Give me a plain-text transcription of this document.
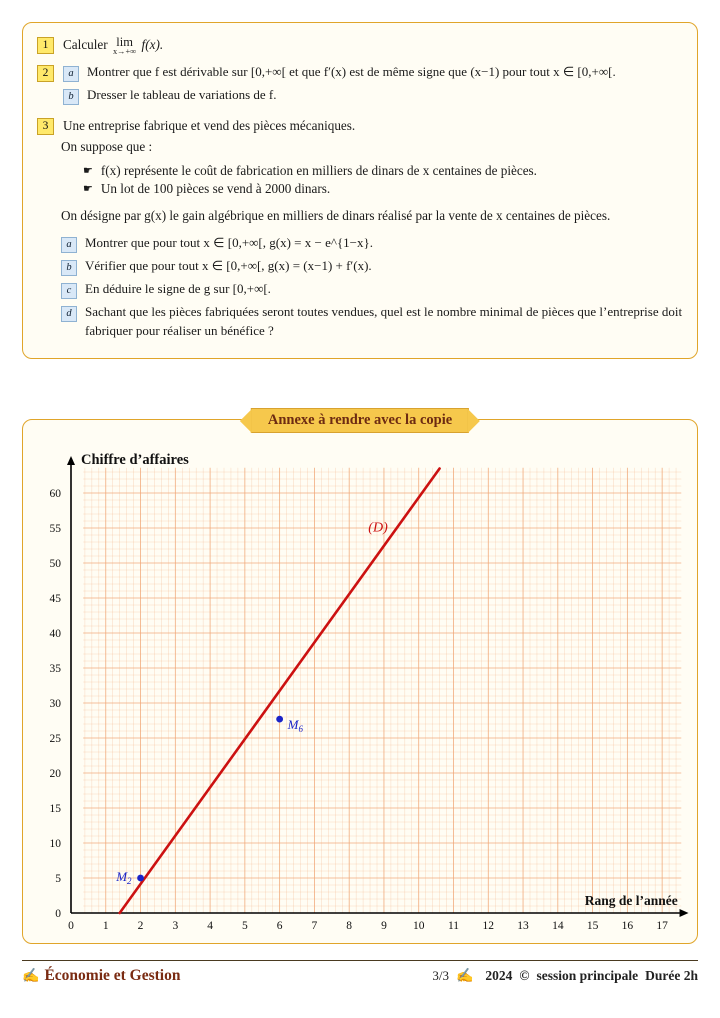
1	Calculer lim
x→+∞ f(x).
2	a	Montrer que f est dérivable sur [0,+∞[ et que f′(x) est de même signe que (x−1) pour tout x ∈ [0,+∞[.
b	Dresser le tableau de variations de f.
3	Une entreprise fabrique et vend des pièces mécaniques.
On suppose que :
☛ f(x) représente le coût de fabrication en milliers de dinars de x centaines de pièces.
☛ Un lot de 100 pièces se vend à 2000 dinars.
On désigne par g(x) le gain algébrique en milliers de dinars réalisé par la vente de x centaines de pièces.
a	Montrer que pour tout x ∈ [0,+∞[, g(x) = x − e^{1−x}.
b	Vérifier que pour tout x ∈ [0,+∞[, g(x) = (x−1) + f′(x).
c	En déduire le signe de g sur [0,+∞[.
d	Sachant que les pièces fabriquées seront toutes vendues, quel est le nombre minimal de pièces que l’entreprise doit fabriquer pour réaliser un bénéfice ?
Annexe à rendre avec la copie
0	1	2	3	4	5	6	7	8	9 10 11 12 13 14 15 16 17
0
5
10
15
20
25
30
35
40
45
50
55
60
Chiffre d’affaires
Rang de l’année
(D)
$M_2$
$M_6$
✍ Économie et Gestion	3/3 ✍ 2024 © session principale Durée 2h
